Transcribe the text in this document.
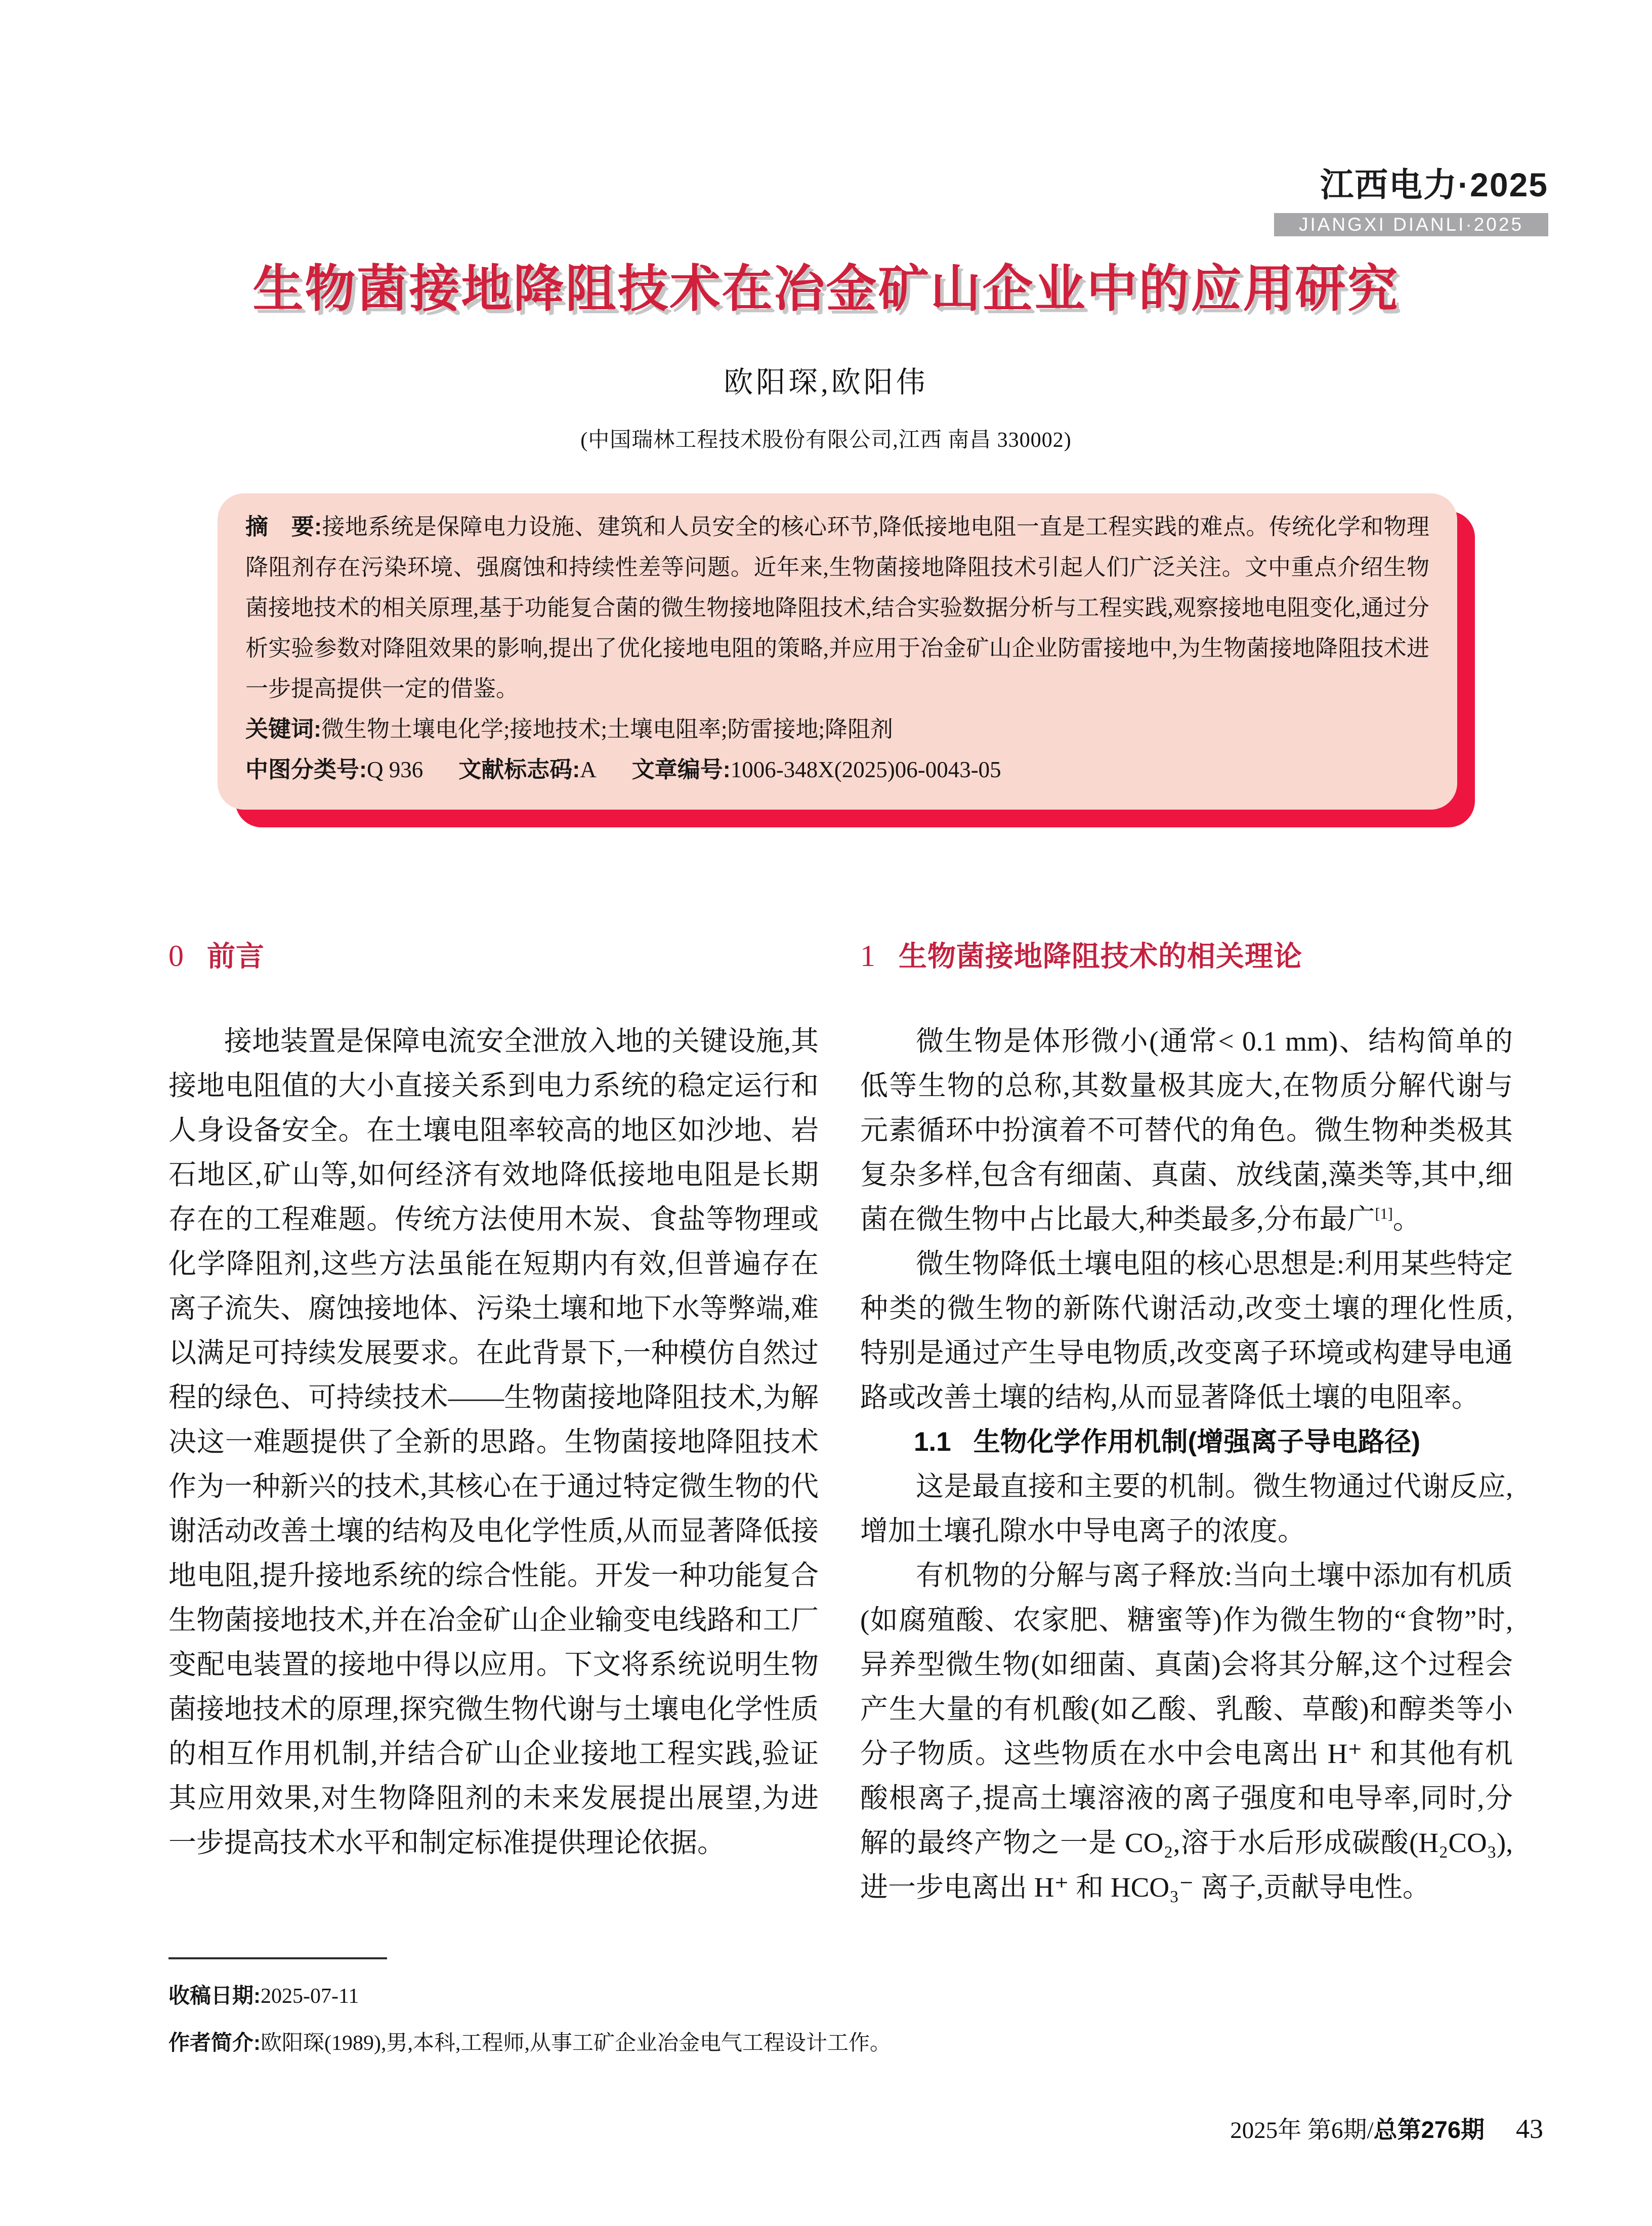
江西电力·2025
JIANGXI DIANLI·2025
生物菌接地降阻技术在冶金矿山企业中的应用研究
欧阳琛,欧阳伟
(中国瑞林工程技术股份有限公司,江西 南昌 330002)

摘　要:接地系统是保障电力设施、建筑和人员安全的核心环节,降低接地电阻一直是工程实践的难点。传统化学和物理降阻剂存在污染环境、强腐蚀和持续性差等问题。近年来,生物菌接地降阻技术引起人们广泛关注。文中重点介绍生物菌接地技术的相关原理,基于功能复合菌的微生物接地降阻技术,结合实验数据分析与工程实践,观察接地电阻变化,通过分析实验参数对降阻效果的影响,提出了优化接地电阻的策略,并应用于冶金矿山企业防雷接地中,为生物菌接地降阻技术进一步提高提供一定的借鉴。

关键词:微生物土壤电化学;接地技术;土壤电阻率;防雷接地;降阻剂

中图分类号:Q 936 文献标志码:A 文章编号:1006-348X(2025)06-0043-05

0 前言	1 生物菌接地降阻技术的相关理论

接地装置是保障电流安全泄放入地的关键设施,其接地电阻值的大小直接关系到电力系统的稳定运行和人身设备安全。在土壤电阻率较高的地区如沙地、岩石地区,矿山等,如何经济有效地降低接地电阻是长期存在的工程难题。传统方法使用木炭、食盐等物理或化学降阻剂,这些方法虽能在短期内有效,但普遍存在离子流失、腐蚀接地体、污染土壤和地下水等弊端,难以满足可持续发展要求。在此背景下,一种模仿自然过程的绿色、可持续技术——生物菌接地降阻技术,为解决这一难题提供了全新的思路。生物菌接地降阻技术作为一种新兴的技术,其核心在于通过特定微生物的代谢活动改善土壤的结构及电化学性质,从而显著降低接地电阻,提升接地系统的综合性能。开发一种功能复合生物菌接地技术,并在冶金矿山企业输变电线路和工厂变配电装置的接地中得以应用。下文将系统说明生物菌接地技术的原理,探究微生物代谢与土壤电化学性质的相互作用机制,并结合矿山企业接地工程实践,验证其应用效果,对生物降阻剂的未来发展提出展望,为进一步提高技术水平和制定标准提供理论依据。

微生物是体形微小(通常< 0.1 mm)、结构简单的低等生物的总称,其数量极其庞大,在物质分解代谢与元素循环中扮演着不可替代的角色。微生物种类极其复杂多样,包含有细菌、真菌、放线菌,藻类等,其中,细菌在微生物中占比最大,种类最多,分布最广[1]。

微生物降低土壤电阻的核心思想是:利用某些特定种类的微生物的新陈代谢活动,改变土壤的理化性质,特别是通过产生导电物质,改变离子环境或构建导电通路或改善土壤的结构,从而显著降低土壤的电阻率。

1.1 生物化学作用机制(增强离子导电路径)

这是最直接和主要的机制。微生物通过代谢反应,增加土壤孔隙水中导电离子的浓度。

有机物的分解与离子释放:当向土壤中添加有机质(如腐殖酸、农家肥、糖蜜等)作为微生物的“食物”时,异养型微生物(如细菌、真菌)会将其分解,这个过程会产生大量的有机酸(如乙酸、乳酸、草酸)和醇类等小分子物质。这些物质在水中会电离出 H⁺ 和其他有机酸根离子,提高土壤溶液的离子强度和电导率,同时,分解的最终产物之一是 CO₂,溶于水后形成碳酸(H₂CO₃),进一步电离出 H⁺ 和 HCO₃⁻ 离子,贡献导电性。

收稿日期:2025-07-11

作者简介:欧阳琛(1989),男,本科,工程师,从事工矿企业冶金电气工程设计工作。

2025年 第6期/总第276期 43
